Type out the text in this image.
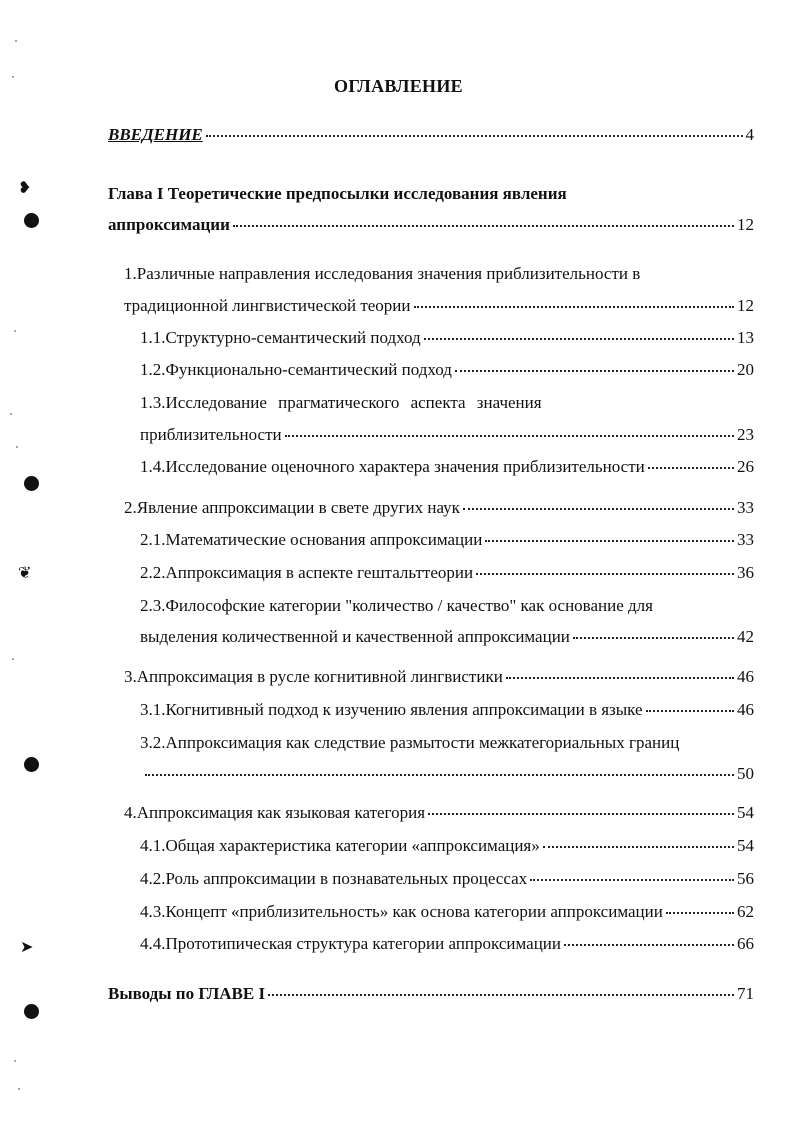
❥
❦
➤
ОГЛАВЛЕНИЕ
ВВЕДЕНИЕ	4
Глава I Теоретические предпосылки исследования явления
аппроксимации	12
1.Различные направления исследования значения приблизительности в
традиционной лингвистической теории	12
1.1.Структурно-семантический подход	13
1.2.Функционально-семантический подход	20
1.3.Исследование прагматического аспекта значения
приблизительности	23
1.4.Исследование оценочного характера значения приблизительности	26
2.Явление аппроксимации в свете других наук	33
2.1.Математические основания аппроксимации	33
2.2.Аппроксимация в аспекте гештальттеории	36
2.3.Философские категории "количество / качество" как основание для
выделения количественной и качественной аппроксимации	42
3.Аппроксимация в русле когнитивной лингвистики	46
3.1.Когнитивный подход к изучению явления аппроксимации в языке	46
3.2.Аппроксимация как следствие размытости межкатегориальных границ
50
4.Аппроксимация как языковая категория	54
4.1.Общая характеристика категории «аппроксимация»	54
4.2.Роль аппроксимации в познавательных процессах	56
4.3.Концепт «приблизительность» как основа категории аппроксимации	62
4.4.Прототипическая структура категории аппроксимации	66
Выводы по ГЛАВЕ I	71
